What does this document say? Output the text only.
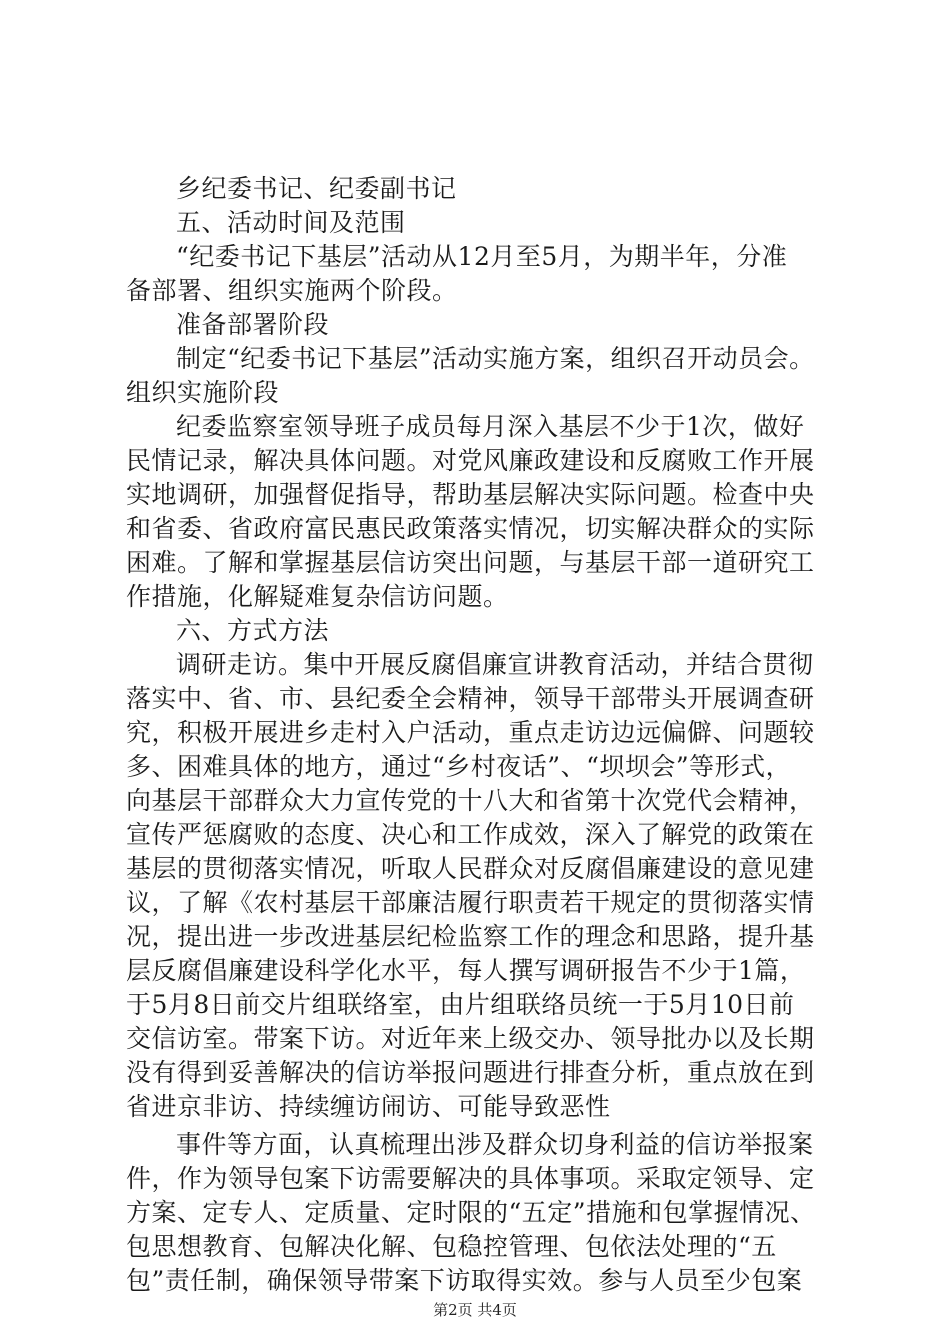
乡纪委书记、纪委副书记
五、活动时间及范围
“纪委书记下基层”活动从12月至5月，为期半年，分准
备部署、组织实施两个阶段。
准备部署阶段
制定“纪委书记下基层”活动实施方案，组织召开动员会。
组织实施阶段
纪委监察室领导班子成员每月深入基层不少于1次，做好
民情记录，解决具体问题。对党风廉政建设和反腐败工作开展
实地调研，加强督促指导，帮助基层解决实际问题。检查中央
和省委、省政府富民惠民政策落实情况，切实解决群众的实际
困难。了解和掌握基层信访突出问题，与基层干部一道研究工
作措施，化解疑难复杂信访问题。
六、方式方法
调研走访。集中开展反腐倡廉宣讲教育活动，并结合贯彻
落实中、省、市、县纪委全会精神，领导干部带头开展调查研
究，积极开展进乡走村入户活动，重点走访边远偏僻、问题较
多、困难具体的地方，通过“乡村夜话”、“坝坝会”等形式，
向基层干部群众大力宣传党的十八大和省第十次党代会精神，
宣传严惩腐败的态度、决心和工作成效，深入了解党的政策在
基层的贯彻落实情况，听取人民群众对反腐倡廉建设的意见建
议，了解《农村基层干部廉洁履行职责若干规定的贯彻落实情
况，提出进一步改进基层纪检监察工作的理念和思路，提升基
层反腐倡廉建设科学化水平，每人撰写调研报告不少于1篇，
于5月8日前交片组联络室，由片组联络员统一于5月10日前
交信访室。带案下访。对近年来上级交办、领导批办以及长期
没有得到妥善解决的信访举报问题进行排查分析，重点放在到
省进京非访、持续缠访闹访、可能导致恶性
事件等方面，认真梳理出涉及群众切身利益的信访举报案
件，作为领导包案下访需要解决的具体事项。采取定领导、定
方案、定专人、定质量、定时限的“五定”措施和包掌握情况、
包思想教育、包解决化解、包稳控管理、包依法处理的“五
包”责任制，确保领导带案下访取得实效。参与人员至少包案
第2页 共4页
